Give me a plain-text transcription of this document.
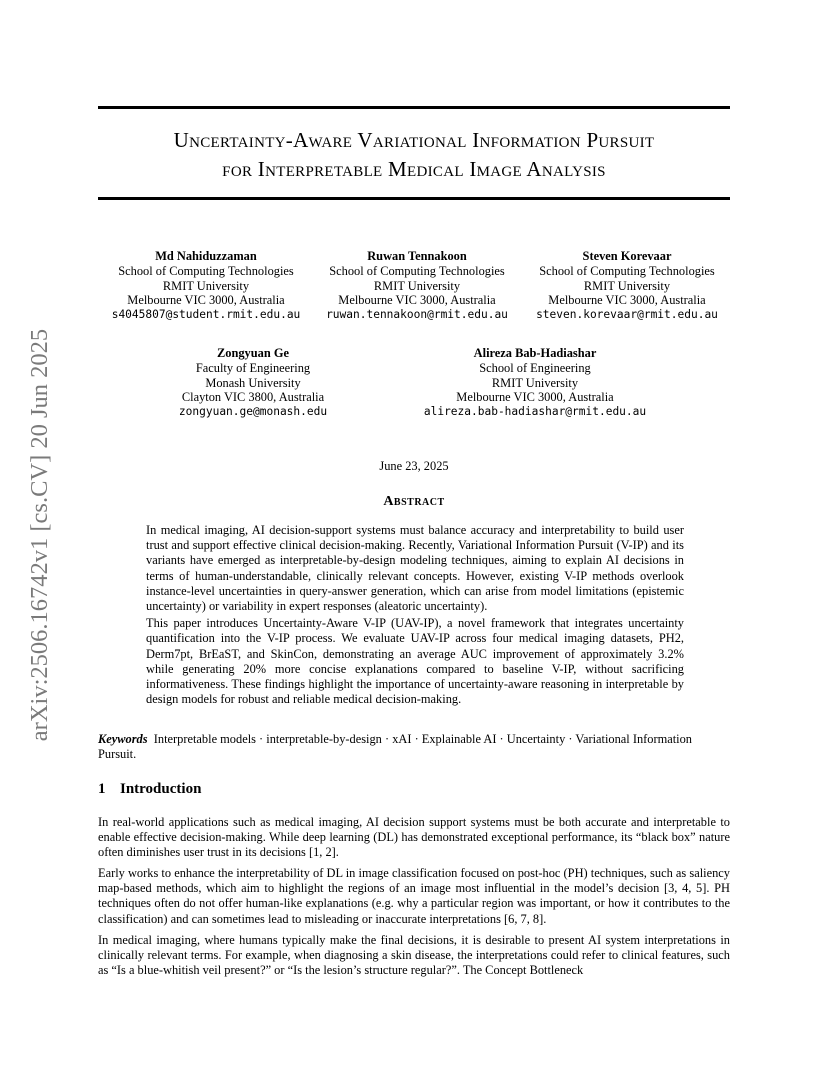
arXiv:2506.16742v1 [cs.CV] 20 Jun 2025
Uncertainty-Aware Variational Information Pursuit
for Interpretable Medical Image Analysis
Md Nahiduzzaman
School of Computing Technologies
RMIT University
Melbourne VIC 3000, Australia
s4045807@student.rmit.edu.au
Ruwan Tennakoon
School of Computing Technologies
RMIT University
Melbourne VIC 3000, Australia
ruwan.tennakoon@rmit.edu.au
Steven Korevaar
School of Computing Technologies
RMIT University
Melbourne VIC 3000, Australia
steven.korevaar@rmit.edu.au
Zongyuan Ge
Faculty of Engineering
Monash University
Clayton VIC 3800, Australia
zongyuan.ge@monash.edu
Alireza Bab-Hadiashar
School of Engineering
RMIT University
Melbourne VIC 3000, Australia
alireza.bab-hadiashar@rmit.edu.au
June 23, 2025
Abstract

In medical imaging, AI decision-support systems must balance accuracy and interpretability to build user trust and support effective clinical decision-making. Recently, Variational Information Pursuit (V-IP) and its variants have emerged as interpretable-by-design modeling techniques, aiming to explain AI decisions in terms of human-understandable, clinically relevant concepts. However, existing V-IP methods overlook instance-level uncertainties in query-answer generation, which can arise from model limitations (epistemic uncertainty) or variability in expert responses (aleatoric uncertainty).

This paper introduces Uncertainty-Aware V-IP (UAV-IP), a novel framework that integrates uncertainty quantification into the V-IP process. We evaluate UAV-IP across four medical imaging datasets, PH2, Derm7pt, BrEaST, and SkinCon, demonstrating an average AUC improvement of approximately 3.2% while generating 20% more concise explanations compared to baseline V-IP, without sacrificing informativeness. These findings highlight the importance of uncertainty-aware reasoning in interpretable by design models for robust and reliable medical decision-making.

Keywords Interpretable models · interpretable-by-design · xAI · Explainable AI · Uncertainty · Variational Information Pursuit.
1 Introduction

In real-world applications such as medical imaging, AI decision support systems must be both accurate and interpretable to enable effective decision-making. While deep learning (DL) has demonstrated exceptional performance, its “black box” nature often diminishes user trust in its decisions [1, 2].

Early works to enhance the interpretability of DL in image classification focused on post-hoc (PH) techniques, such as saliency map-based methods, which aim to highlight the regions of an image most influential in the model’s decision [3, 4, 5]. PH techniques often do not offer human-like explanations (e.g. why a particular region was important, or how it contributes to the classification) and can sometimes lead to misleading or inaccurate interpretations [6, 7, 8].

In medical imaging, where humans typically make the final decisions, it is desirable to present AI system interpretations in clinically relevant terms. For example, when diagnosing a skin disease, the interpretations could refer to clinical features, such as “Is a blue-whitish veil present?” or “Is the lesion’s structure regular?”. The Concept Bottleneck
